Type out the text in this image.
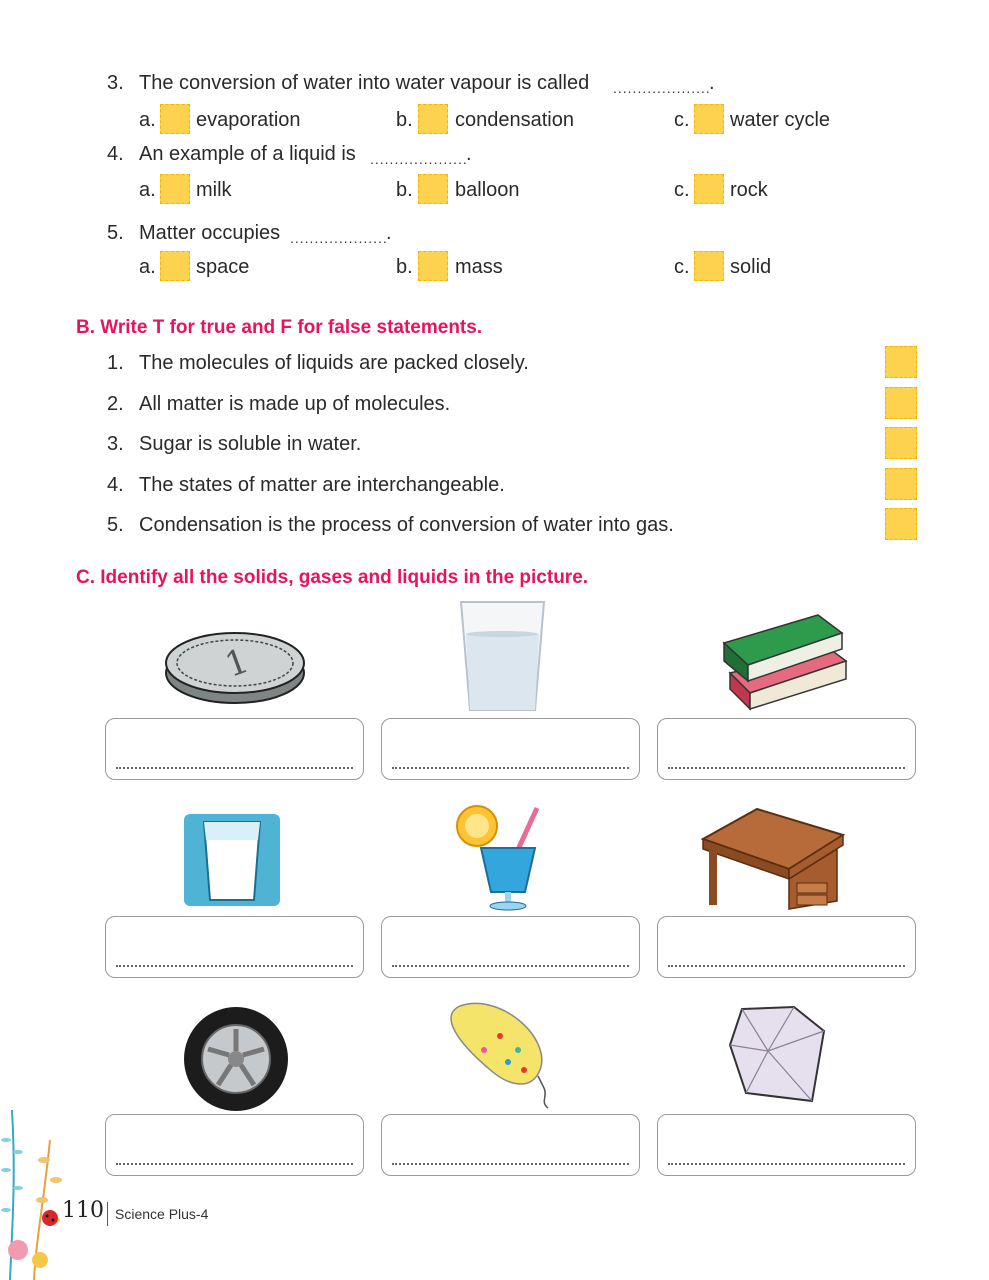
3. The conversion of water into water vapour is called ....................
.
a. evaporation	b. condensation	c. water cycle
4. An example of a liquid is ....................
.
a. milk	b. balloon	c. rock
5. Matter occupies ....................
.
a. space	b. mass	c. solid
B. Write T for true and F for false statements.
1. The molecules of liquids are packed closely.
2. All matter is made up of molecules.
3. Sugar is soluble in water.
4. The states of matter are interchangeable.
5. Condensation is the process of conversion of water into gas.
C. Identify all the solids, gases and liquids in the picture.
1
110 Science Plus-4
